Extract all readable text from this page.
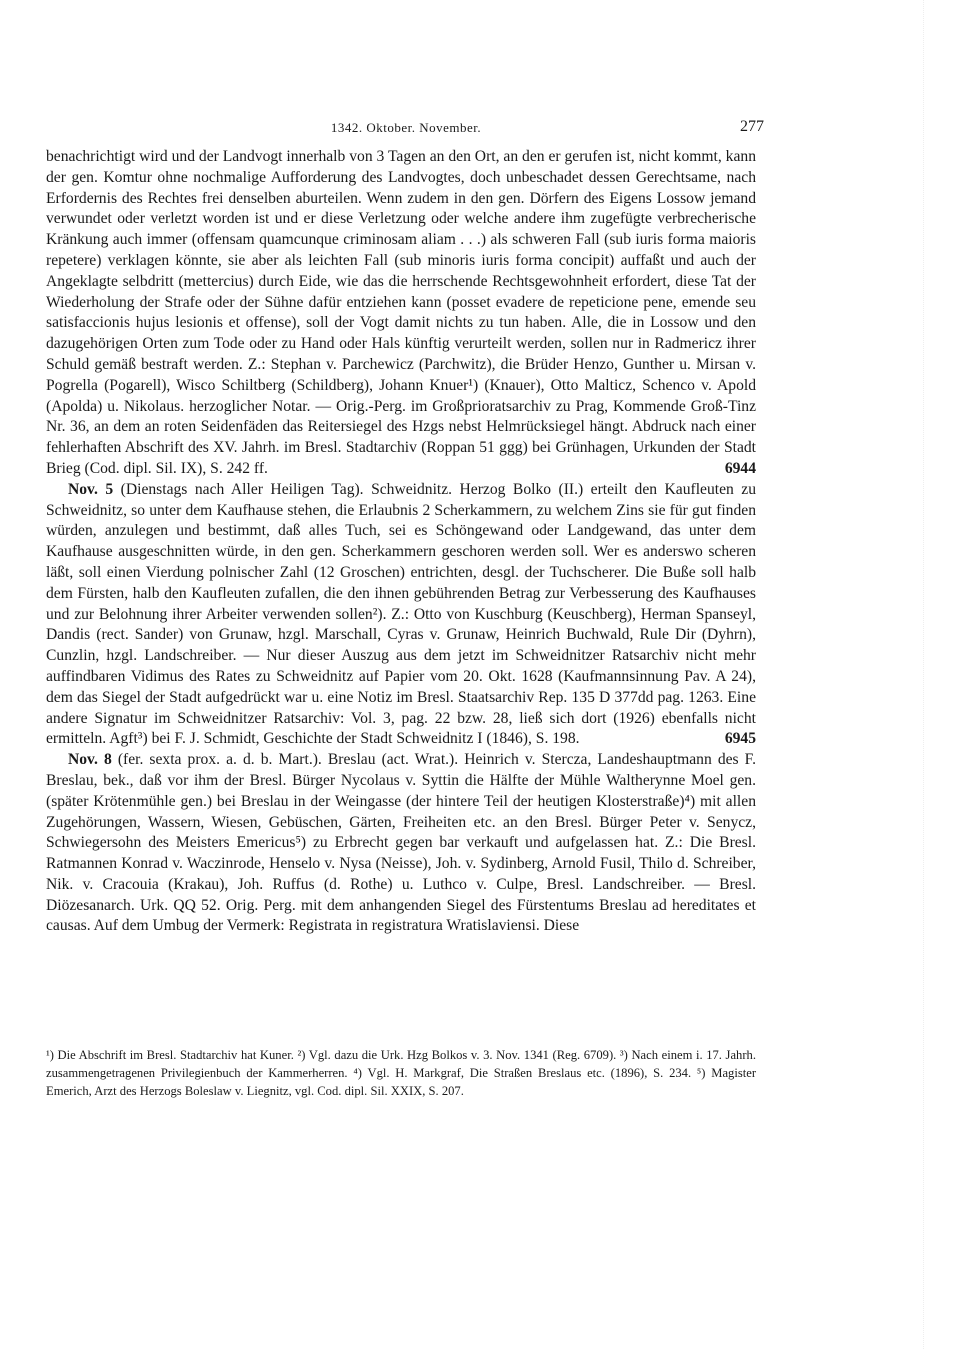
1342. Oktober. November.	277

benachrichtigt wird und der Landvogt innerhalb von 3 Tagen an den Ort, an den er gerufen ist, nicht kommt, kann der gen. Komtur ohne nochmalige Aufforderung des Landvogtes, doch unbeschadet dessen Gerechtsame, nach Erfordernis des Rechtes frei denselben aburteilen. Wenn zudem in den gen. Dörfern des Eigens Lossow jemand verwundet oder verletzt worden ist und er diese Verletzung oder welche andere ihm zugefügte verbrecherische Kränkung auch immer (offensam quamcunque criminosam aliam . . .) als schweren Fall (sub iuris forma maioris repetere) verklagen könnte, sie aber als leichten Fall (sub minoris iuris forma concipit) auffaßt und auch der Angeklagte selbdritt (mettercius) durch Eide, wie das die herrschende Rechtsgewohnheit erfordert, diese Tat der Wiederholung der Strafe oder der Sühne dafür entziehen kann (posset evadere de repeticione pene, emende seu satisfaccionis hujus lesionis et offense), soll der Vogt damit nichts zu tun haben. Alle, die in Lossow und den dazugehörigen Orten zum Tode oder zu Hand oder Hals künftig verurteilt werden, sollen nur in Radmericz ihrer Schuld gemäß bestraft werden. Z.: Stephan v. Parchewicz (Parchwitz), die Brüder Henzo, Gunther u. Mirsan v. Pogrella (Pogarell), Wisco Schiltberg (Schildberg), Johann Knuer¹) (Knauer), Otto Malticz, Schenco v. Apold (Apolda) u. Nikolaus. herzoglicher Notar. — Orig.-Perg. im Großprioratsarchiv zu Prag, Kommende Groß-Tinz Nr. 36, an dem an roten Seidenfäden das Reitersiegel des Hzgs nebst Helmrücksiegel hängt. Abdruck nach einer fehlerhaften Abschrift des XV. Jahrh. im Bresl. Stadtarchiv (Roppan 51 ggg) bei Grünhagen, Urkunden der Stadt Brieg (Cod. dipl. Sil. IX), S. 242 ff.	6944

Nov. 5 (Dienstags nach Aller Heiligen Tag). Schweidnitz. Herzog Bolko (II.) erteilt den Kaufleuten zu Schweidnitz, so unter dem Kaufhause stehen, die Erlaubnis 2 Scherkammern, zu welchem Zins sie für gut finden würden, anzulegen und bestimmt, daß alles Tuch, sei es Schöngewand oder Landgewand, das unter dem Kaufhause ausgeschnitten würde, in den gen. Scherkammern geschoren werden soll. Wer es anderswo scheren läßt, soll einen Vierdung polnischer Zahl (12 Groschen) entrichten, desgl. der Tuchscherer. Die Buße soll halb dem Fürsten, halb den Kaufleuten zufallen, die den ihnen gebührenden Betrag zur Verbesserung des Kaufhauses und zur Belohnung ihrer Arbeiter verwenden sollen²). Z.: Otto von Kuschburg (Keuschberg), Herman Spanseyl, Dandis (rect. Sander) von Grunaw, hzgl. Marschall, Cyras v. Grunaw, Heinrich Buchwald, Rule Dir (Dyhrn), Cunzlin, hzgl. Landschreiber. — Nur dieser Auszug aus dem jetzt im Schweidnitzer Ratsarchiv nicht mehr auffindbaren Vidimus des Rates zu Schweidnitz auf Papier vom 20. Okt. 1628 (Kaufmannsinnung Pav. A 24), dem das Siegel der Stadt aufgedrückt war u. eine Notiz im Bresl. Staatsarchiv Rep. 135 D 377dd pag. 1263. Eine andere Signatur im Schweidnitzer Ratsarchiv: Vol. 3, pag. 22 bzw. 28, ließ sich dort (1926) ebenfalls nicht ermitteln. Agft³) bei F. J. Schmidt, Geschichte der Stadt Schweidnitz I (1846), S. 198.	6945

Nov. 8 (fer. sexta prox. a. d. b. Mart.). Breslau (act. Wrat.). Heinrich v. Stercza, Landeshauptmann des F. Breslau, bek., daß vor ihm der Bresl. Bürger Nycolaus v. Syttin die Hälfte der Mühle Waltherynne Moel gen. (später Krötenmühle gen.) bei Breslau in der Weingasse (der hintere Teil der heutigen Klosterstraße)⁴) mit allen Zugehörungen, Wassern, Wiesen, Gebüschen, Gärten, Freiheiten etc. an den Bresl. Bürger Peter v. Senycz, Schwiegersohn des Meisters Emericus⁵) zu Erbrecht gegen bar verkauft und aufgelassen hat. Z.: Die Bresl. Ratmannen Konrad v. Waczinrode, Henselo v. Nysa (Neisse), Joh. v. Sydinberg, Arnold Fusil, Thilo d. Schreiber, Nik. v. Cracouia (Krakau), Joh. Ruffus (d. Rothe) u. Luthco v. Culpe, Bresl. Landschreiber. — Bresl. Diözesanarch. Urk. QQ 52. Orig. Perg. mit dem anhangenden Siegel des Fürstentums Breslau ad hereditates et causas. Auf dem Umbug der Vermerk: Registrata in registratura Wratislaviensi. Diese

¹) Die Abschrift im Bresl. Stadtarchiv hat Kuner. ²) Vgl. dazu die Urk. Hzg Bolkos v. 3. Nov. 1341 (Reg. 6709). ³) Nach einem i. 17. Jahrh. zusammengetragenen Privilegienbuch der Kammerherren. ⁴) Vgl. H. Markgraf, Die Straßen Breslaus etc. (1896), S. 234. ⁵) Magister Emerich, Arzt des Herzogs Boleslaw v. Liegnitz, vgl. Cod. dipl. Sil. XXIX, S. 207.
